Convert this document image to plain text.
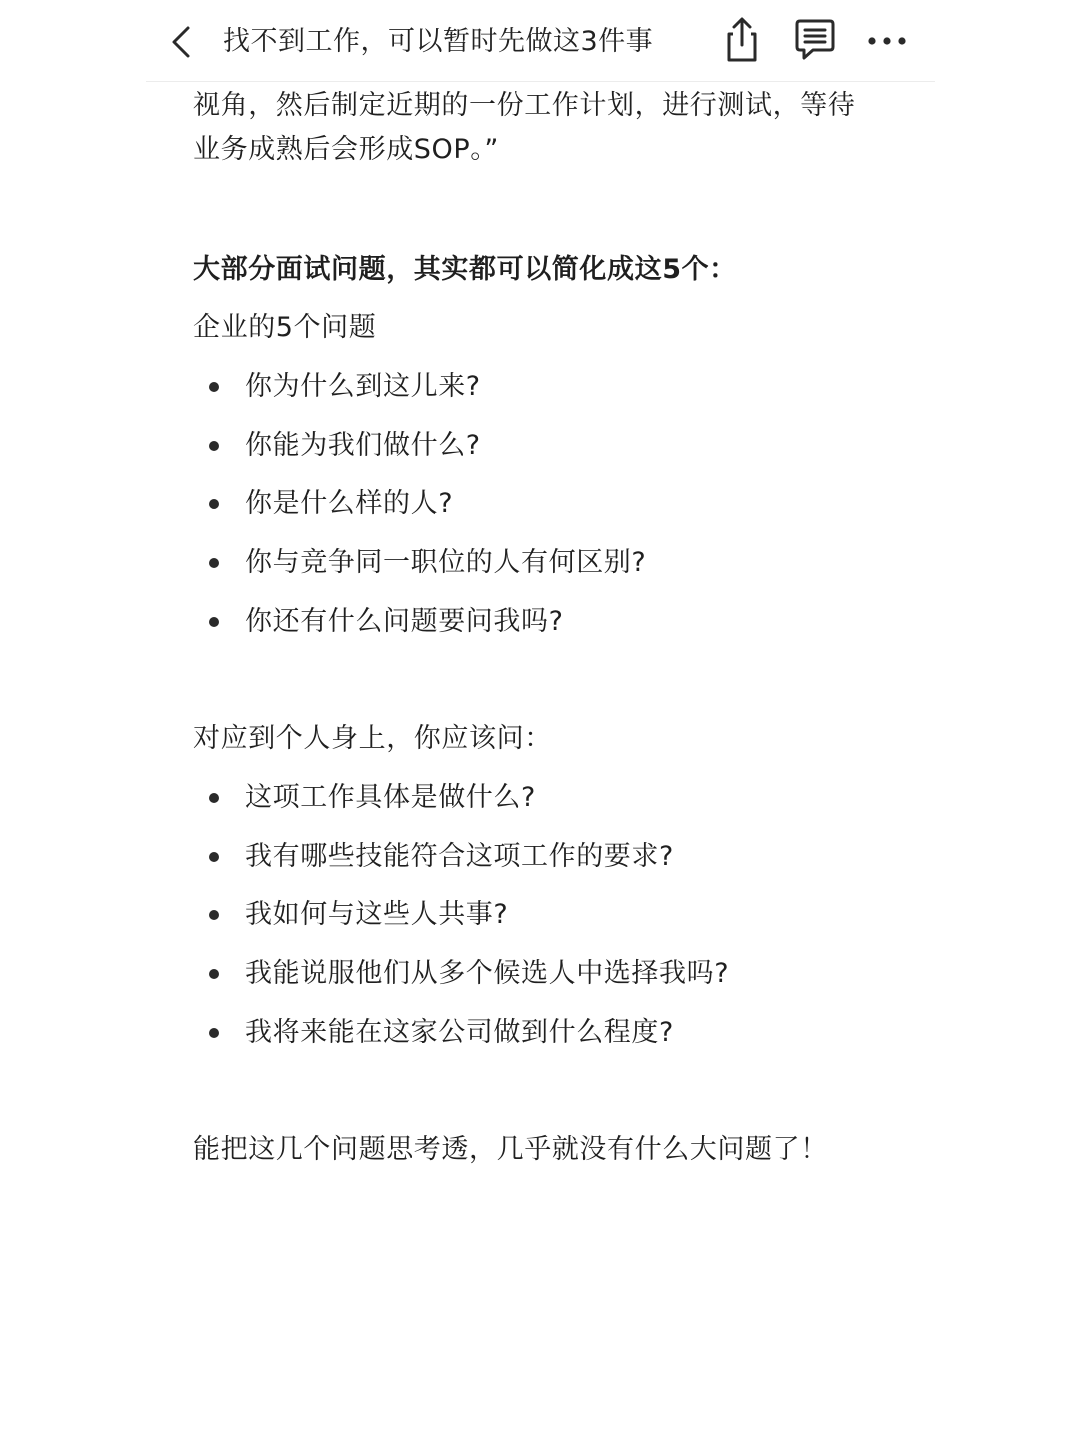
找不到工作，可以暂时先做这3件事

视角，然后制定近期的一份工作计划，进行测试，等待

业务成熟后会形成SOP。”

大部分面试问题，其实都可以简化成这5个：

企业的5个问题

你为什么到这儿来?
你能为我们做什么?
你是什么样的人?
你与竞争同一职位的人有何区别?
你还有什么问题要问我吗?

对应到个人身上，你应该问：

这项工作具体是做什么?
我有哪些技能符合这项工作的要求?
我如何与这些人共事?
我能说服他们从多个候选人中选择我吗?
我将来能在这家公司做到什么程度?

能把这几个问题思考透，几乎就没有什么大问题了！
